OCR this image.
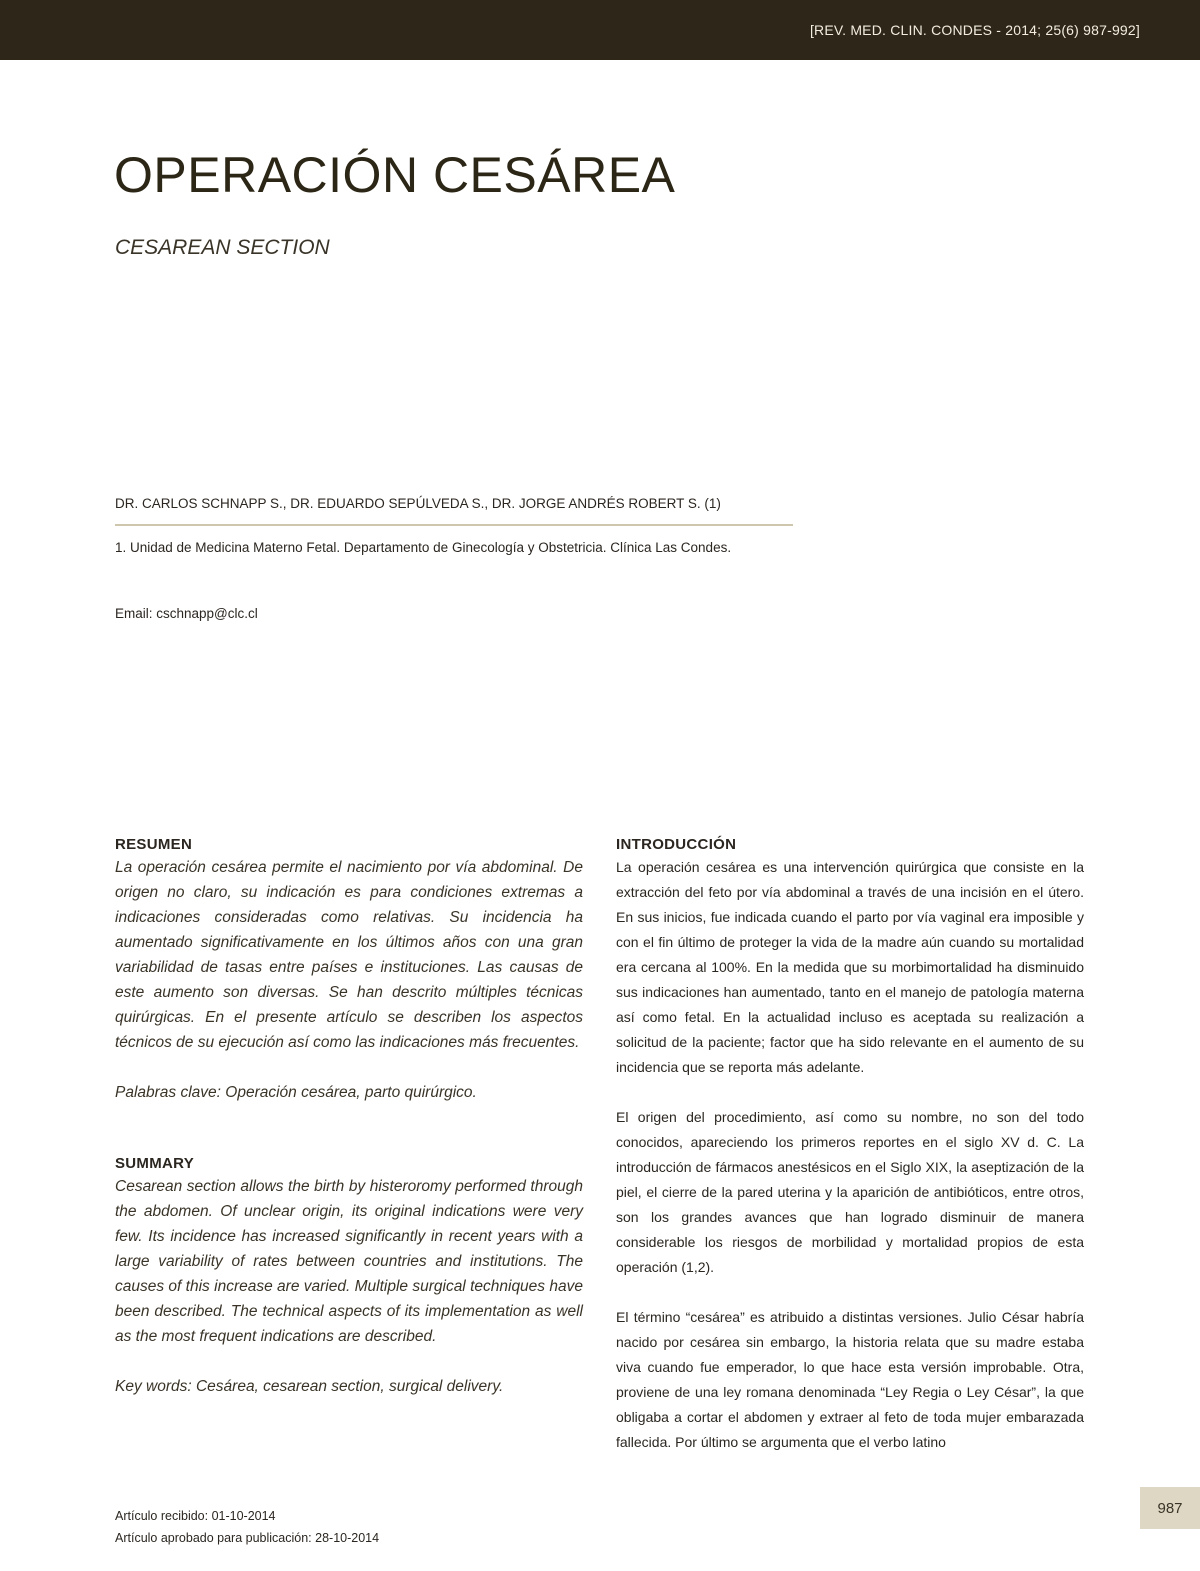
[REV. MED. CLIN. CONDES - 2014; 25(6) 987-992]
OPERACIÓN CESÁREA
CESAREAN SECTION
DR. CARLOS SCHNAPP S., DR. EDUARDO SEPÚLVEDA S., DR. JORGE ANDRÉS ROBERT S. (1)
1. Unidad de Medicina Materno Fetal. Departamento de Ginecología y Obstetricia. Clínica Las Condes.
Email: cschnapp@clc.cl
RESUMEN

La operación cesárea permite el nacimiento por vía abdominal. De origen no claro, su indicación es para condiciones extremas a indicaciones consideradas como relativas. Su incidencia ha aumentado significativamente en los últimos años con una gran variabilidad de tasas entre países e instituciones. Las causas de este aumento son diversas. Se han descrito múltiples técnicas quirúrgicas. En el presente artículo se describen los aspectos técnicos de su ejecución así como las indicaciones más frecuentes.

Palabras clave: Operación cesárea, parto quirúrgico.

SUMMARY

Cesarean section allows the birth by histeroromy performed through the abdomen. Of unclear origin, its original indications were very few. Its incidence has increased significantly in recent years with a large variability of rates between countries and institutions. The causes of this increase are varied. Multiple surgical techniques have been described. The technical aspects of its implementation as well as the most frequent indications are described.

Key words: Cesárea, cesarean section, surgical delivery.

INTRODUCCIÓN

La operación cesárea es una intervención quirúrgica que consiste en la extracción del feto por vía abdominal a través de una incisión en el útero. En sus inicios, fue indicada cuando el parto por vía vaginal era imposible y con el fin último de proteger la vida de la madre aún cuando su mortalidad era cercana al 100%. En la medida que su morbimortalidad ha disminuido sus indicaciones han aumentado, tanto en el manejo de patología materna así como fetal. En la actualidad incluso es aceptada su realización a solicitud de la paciente; factor que ha sido relevante en el aumento de su incidencia que se reporta más adelante.

El origen del procedimiento, así como su nombre, no son del todo conocidos, apareciendo los primeros reportes en el siglo XV d. C. La introducción de fármacos anestésicos en el Siglo XIX, la aseptización de la piel, el cierre de la pared uterina y la aparición de antibióticos, entre otros, son los grandes avances que han logrado disminuir de manera considerable los riesgos de morbilidad y mortalidad propios de esta operación (1,2).

El término “cesárea” es atribuido a distintas versiones. Julio César habría nacido por cesárea sin embargo, la historia relata que su madre estaba viva cuando fue emperador, lo que hace esta versión improbable. Otra, proviene de una ley romana denominada “Ley Regia o Ley César”, la que obligaba a cortar el abdomen y extraer al feto de toda mujer embarazada fallecida. Por último se argumenta que el verbo latino

Artículo recibido: 01-10-2014
Artículo aprobado para publicación: 28-10-2014
987
